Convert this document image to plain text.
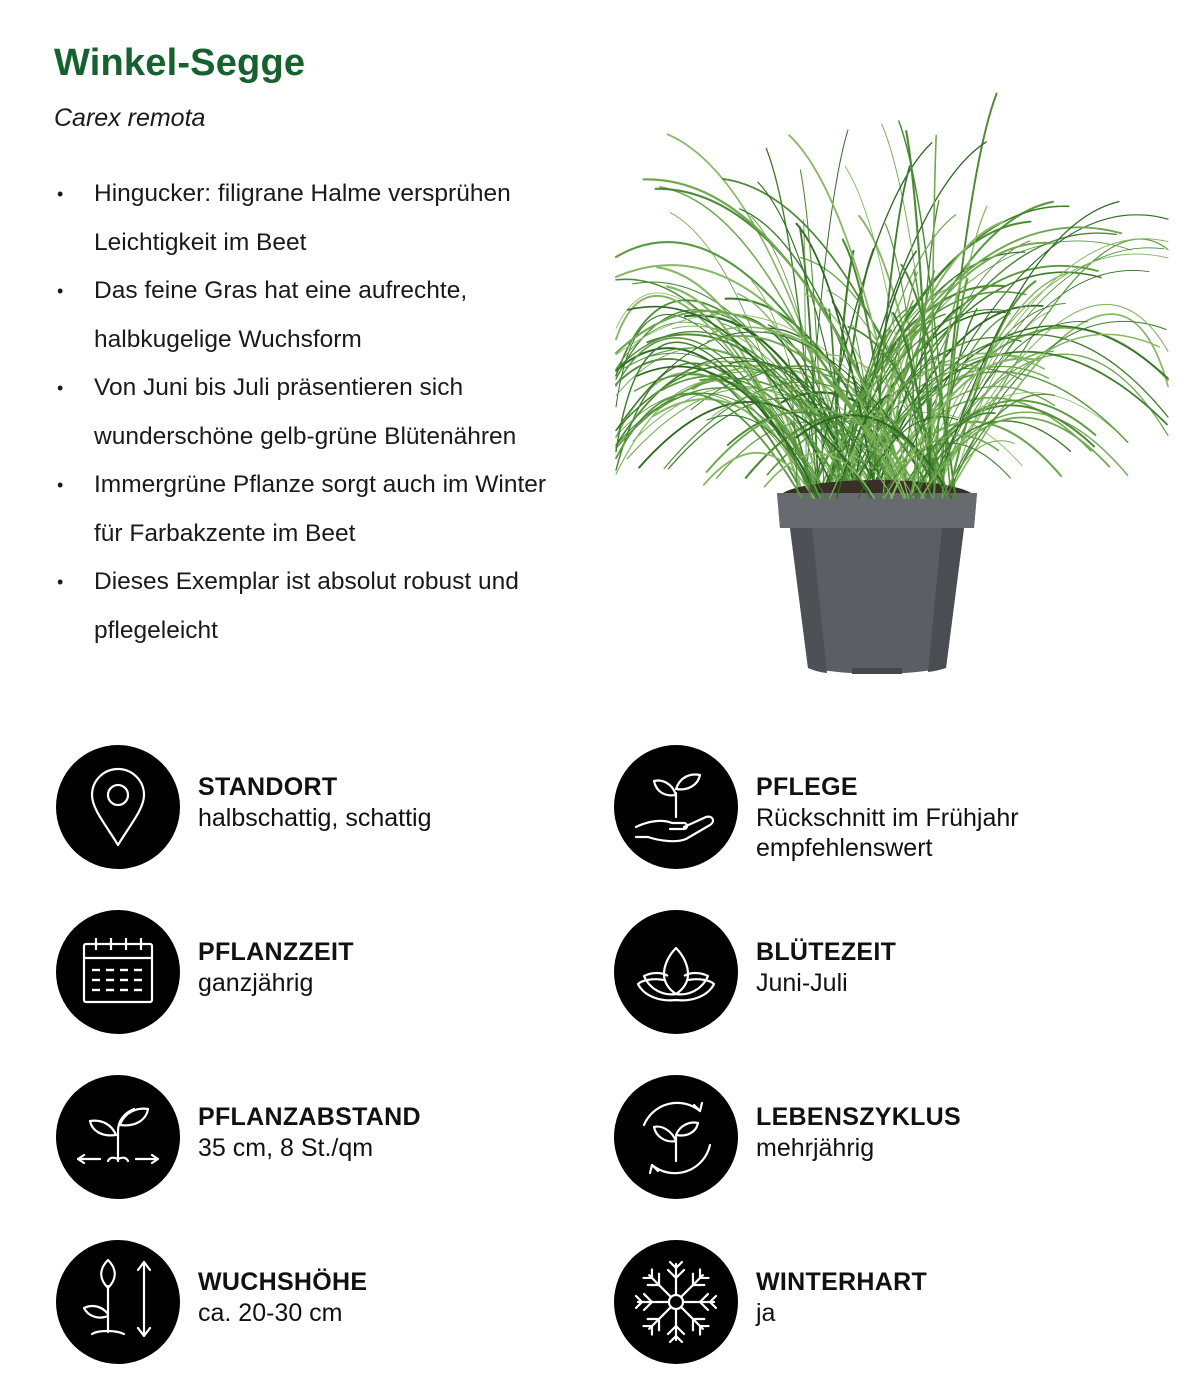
Winkel-Segge
Carex remota
• Hingucker: filigrane Halme versprühen
Leichtigkeit im Beet
• Das feine Gras hat eine aufrechte,
halbkugelige Wuchsform
• Von Juni bis Juli präsentieren sich
wunderschöne gelb-grüne Blütenähren
• Immergrüne Pflanze sorgt auch im Winter
für Farbakzente im Beet
• Dieses Exemplar ist absolut robust und
pflegeleicht
STANDORT
halbschattig, schattig
PFLEGE
Rückschnitt im Frühjahr
empfehlenswert
PFLANZZEIT
ganzjährig
BLÜTEZEIT
Juni-Juli
PFLANZABSTAND
35 cm, 8 St./qm
LEBENSZYKLUS
mehrjährig
WUCHSHÖHE
ca. 20-30 cm
WINTERHART
ja
